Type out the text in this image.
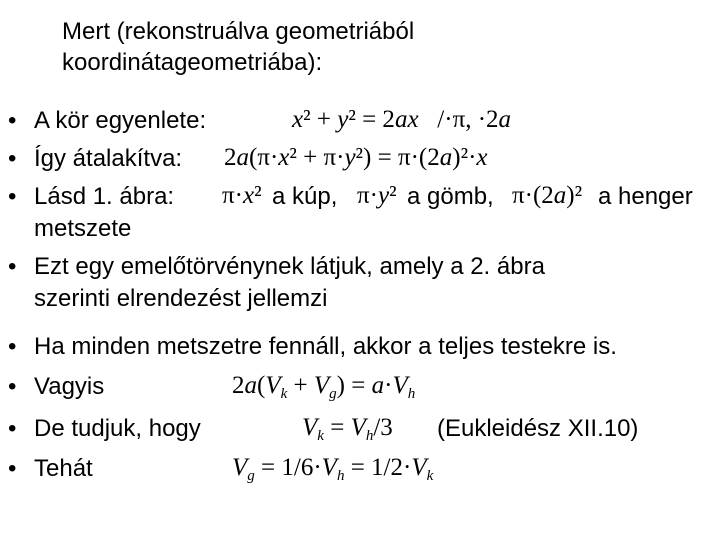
Mert (rekonstruálva geometriából
koordinátageometriába):
•
•
•
•
•
•
•
•
A kör egyenlete:	x² + y² = 2ax   /·π, ·2a
Így átalakítva: 2a(π·x² + π·y²) = π·(2a)²·x
Lásd 1. ábra: π·x² a kúp, π·y² a gömb, π·(2a)² a henger
metszete
Ezt egy emelőtörvénynek látjuk, amely a 2. ábra
szerinti elrendezést jellemzi
Ha minden metszetre fennáll, akkor a teljes testekre is.
Vagyis	$2a(V_k + V_g) = a\cdot V_h$
De tudjuk, hogy	$V_k = V_h/3$ (Eukleidész XII.10)
Tehát	$V_g = 1/6\cdot V_h = 1/2\cdot V_k$
